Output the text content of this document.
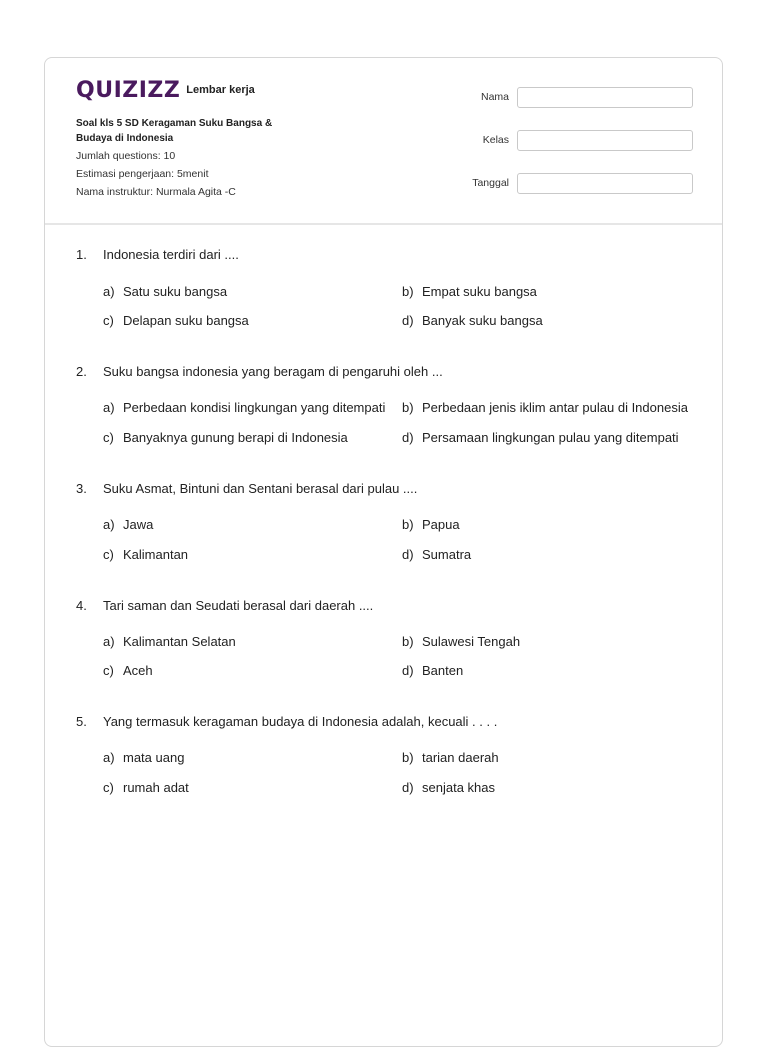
QUIZIZZ Lembar kerja
Soal kls 5 SD Keragaman Suku Bangsa & Budaya di Indonesia
Jumlah questions: 10
Estimasi pengerjaan: 5menit
Nama instruktur: Nurmala Agita -C
Nama
Kelas
Tanggal
1. Indonesia terdiri dari ....
a) Satu suku bangsa	b) Empat suku bangsa
c) Delapan suku bangsa	d) Banyak suku bangsa
2. Suku bangsa indonesia yang beragam di pengaruhi oleh ...
a) Perbedaan kondisi lingkungan yang ditempati b) Perbedaan jenis iklim antar pulau di Indonesia
c) Banyaknya gunung berapi di Indonesia	d) Persamaan lingkungan pulau yang ditempati
3. Suku Asmat, Bintuni dan Sentani berasal dari pulau ....
a) Jawa	b) Papua
c) Kalimantan	d) Sumatra
4. Tari saman dan Seudati berasal dari daerah ....
a) Kalimantan Selatan	b) Sulawesi Tengah
c) Aceh	d) Banten
5. Yang termasuk keragaman budaya di Indonesia adalah, kecuali . . . .
a) mata uang	b) tarian daerah
c) rumah adat	d) senjata khas
